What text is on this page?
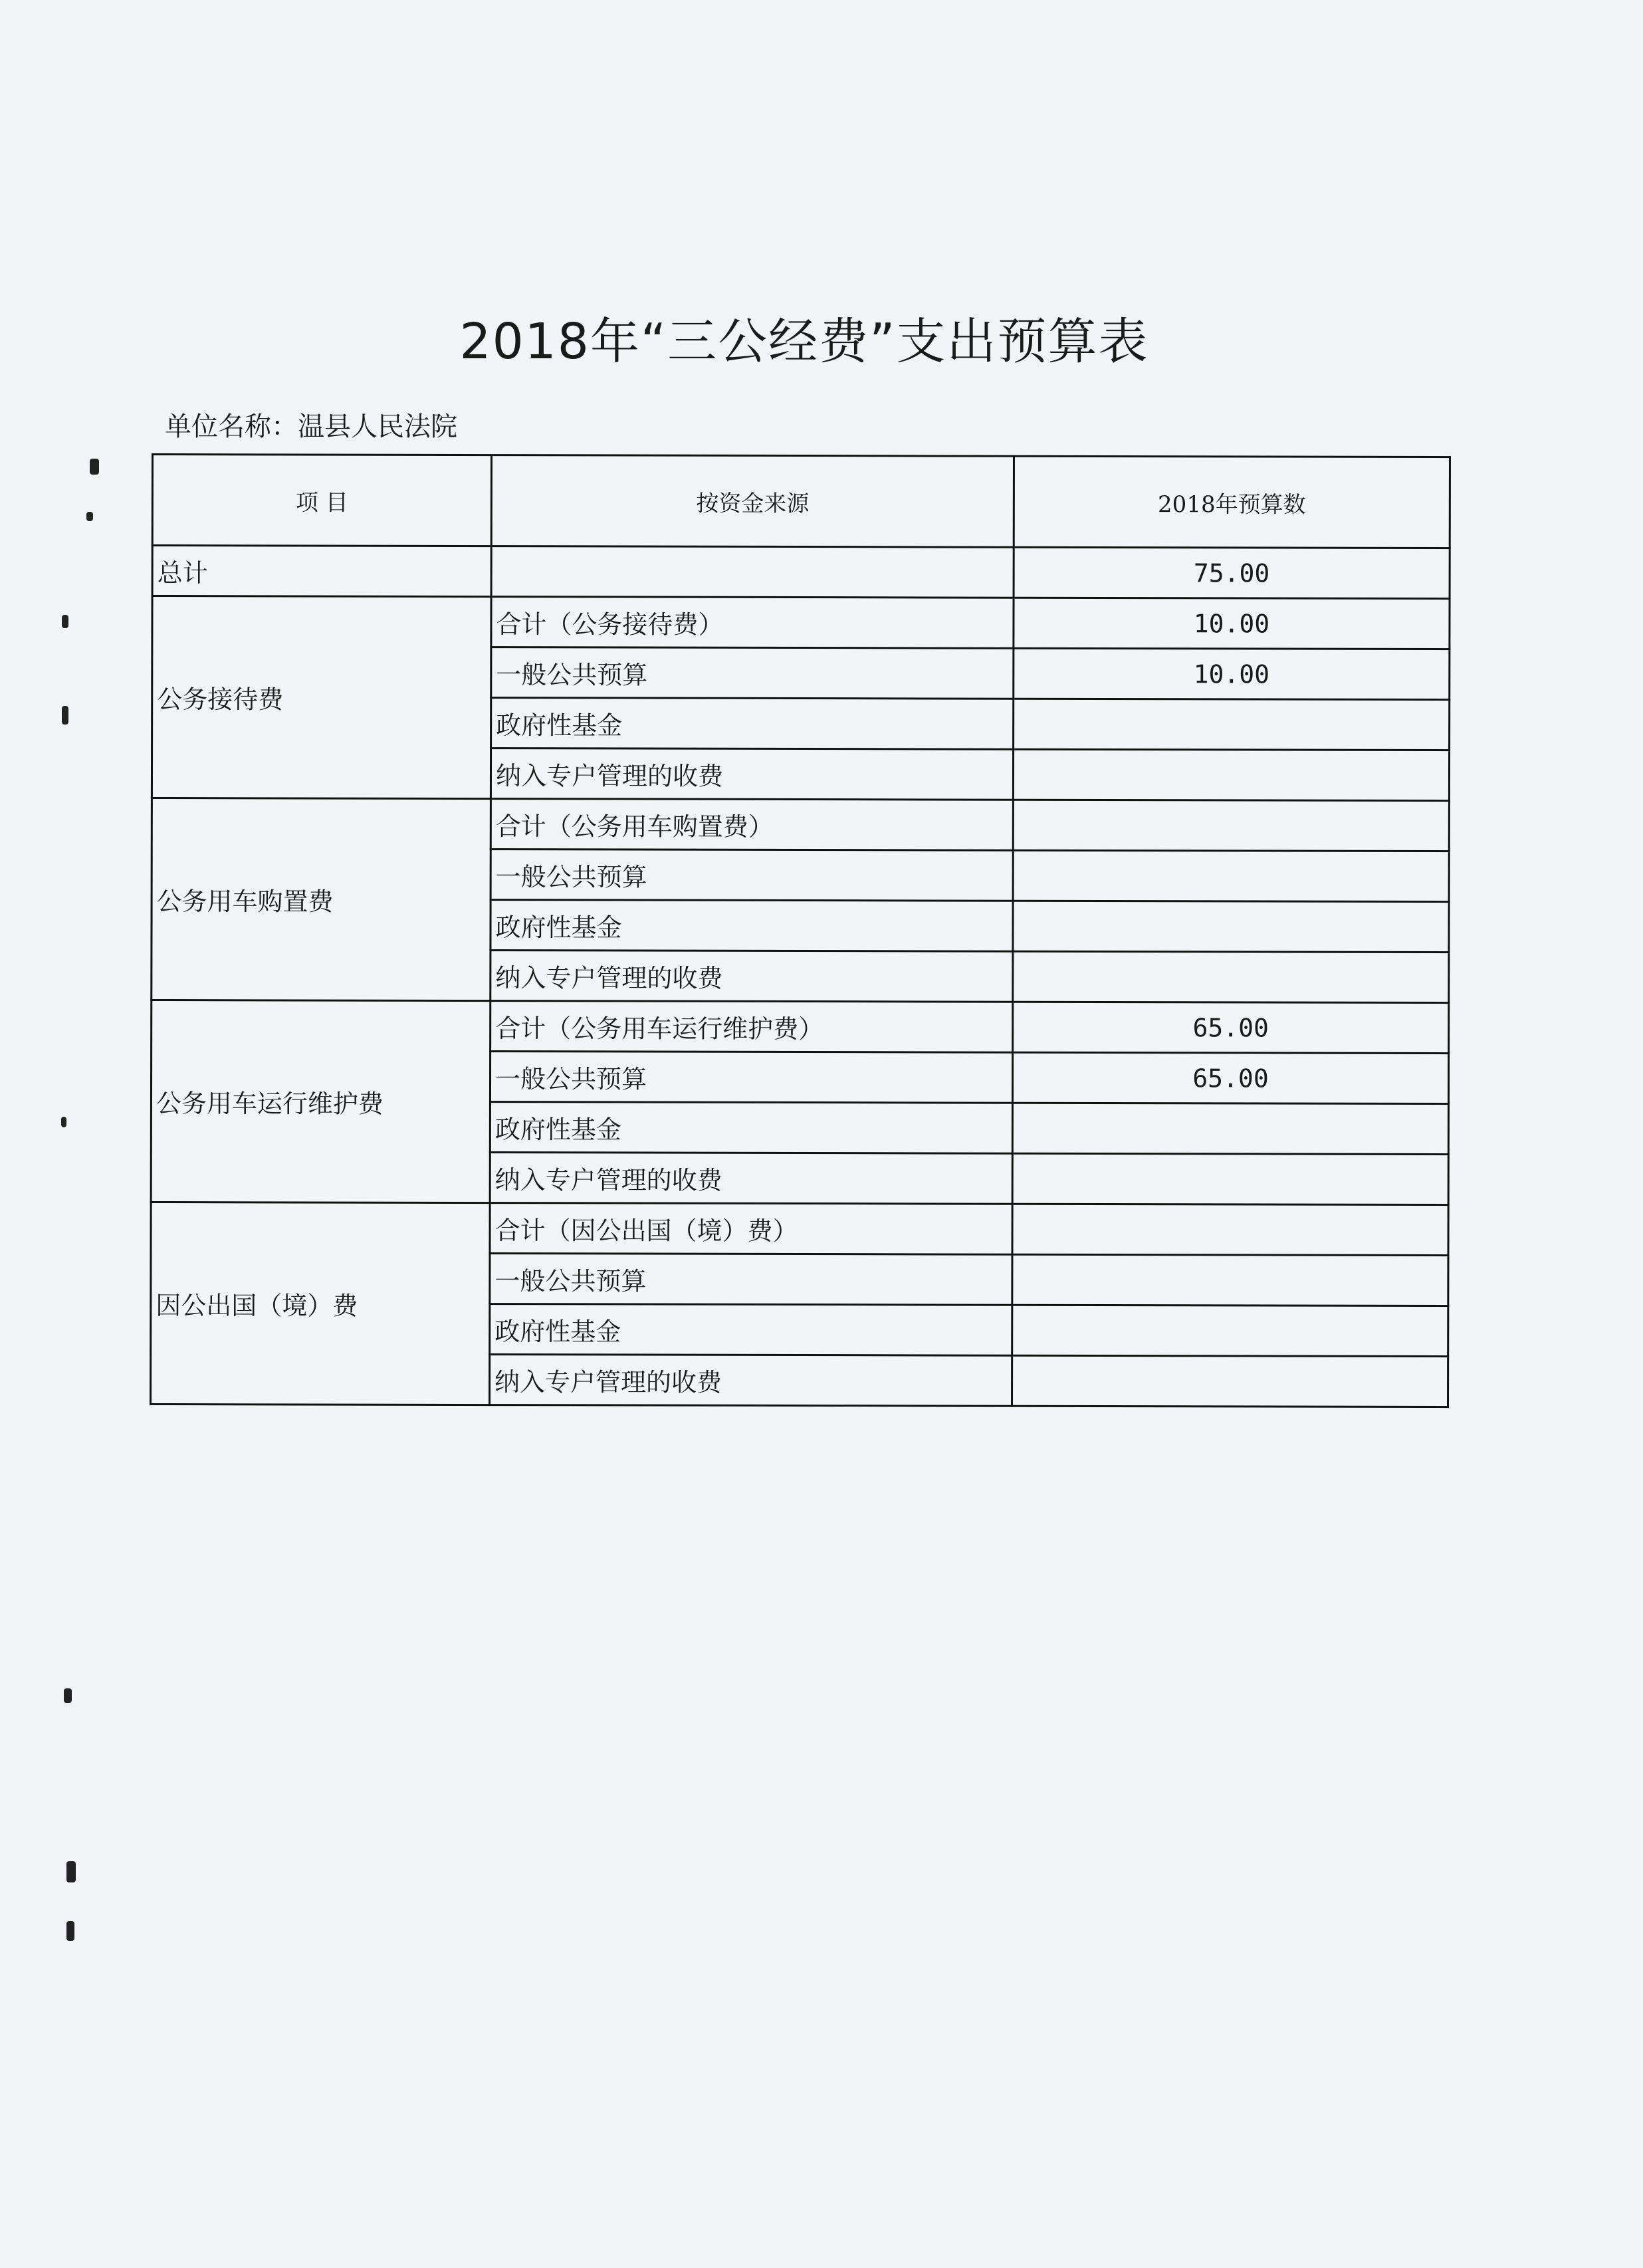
2018年“三公经费”支出预算表
单位名称：温县人民法院
项 目	按资金来源	2018年预算数
总计		75.00
公务接待费	合计（公务接待费）	10.00
	一般公共预算	10.00
	政府性基金	
	纳入专户管理的收费	
公务用车购置费	合计（公务用车购置费）	
	一般公共预算	
	政府性基金	
	纳入专户管理的收费	
公务用车运行维护费	合计（公务用车运行维护费）	65.00
	一般公共预算	65.00
	政府性基金	
	纳入专户管理的收费	
因公出国（境）费	合计（因公出国（境）费）	
	一般公共预算	
	政府性基金	
	纳入专户管理的收费	
